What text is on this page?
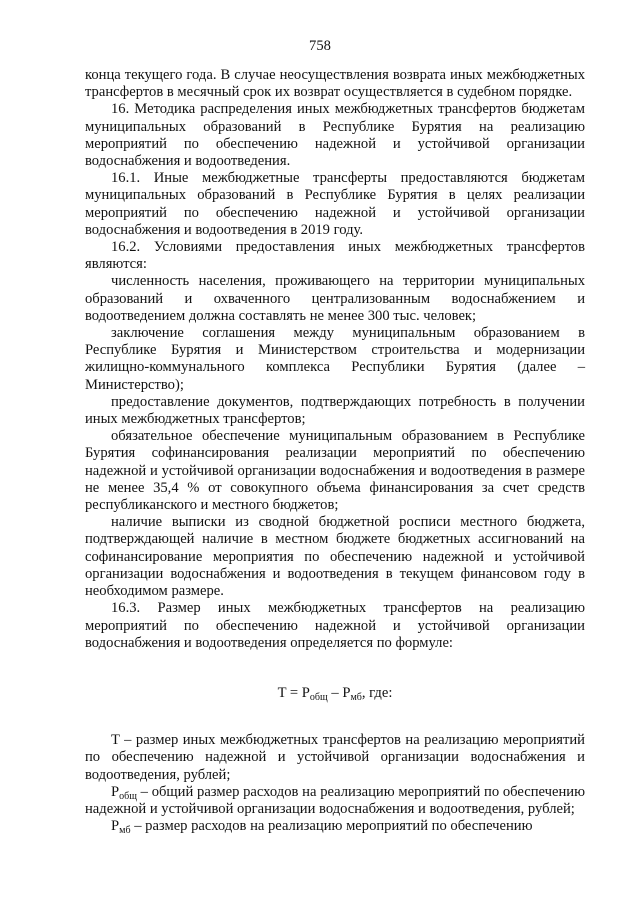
758

конца текущего года. В случае неосуществления возврата иных межбюджетных трансфертов в месячный срок их возврат осуществляется в судебном порядке.

16. Методика распределения иных межбюджетных трансфертов бюджетам муниципальных образований в Республике Бурятия на реализацию мероприятий по обеспечению надежной и устойчивой организации водоснабжения и водоотведения.

16.1. Иные межбюджетные трансферты предоставляются бюджетам муниципальных образований в Республике Бурятия в целях реализации мероприятий по обеспечению надежной и устойчивой организации водоснабжения и водоотведения в 2019 году.

16.2. Условиями предоставления иных межбюджетных трансфертов являются:

численность населения, проживающего на территории муниципальных образований и охваченного централизованным водоснабжением и водоотведением должна составлять не менее 300 тыс. человек;

заключение соглашения между муниципальным образованием в Республике Бурятия и Министерством строительства и модернизации жилищно-коммунального комплекса Республики Бурятия (далее – Министерство);

предоставление документов, подтверждающих потребность в получении иных межбюджетных трансфертов;

обязательное обеспечение муниципальным образованием в Республике Бурятия софинансирования реализации мероприятий по обеспечению надежной и устойчивой организации водоснабжения и водоотведения в размере не менее 35,4 % от совокупного объема финансирования за счет средств республиканского и местного бюджетов;

наличие выписки из сводной бюджетной росписи местного бюджета, подтверждающей наличие в местном бюджете бюджетных ассигнований на софинансирование мероприятия по обеспечению надежной и устойчивой организации водоснабжения и водоотведения в текущем финансовом году в необходимом размере.

16.3. Размер иных межбюджетных трансфертов на реализацию мероприятий по обеспечению надежной и устойчивой организации водоснабжения и водоотведения определяется по формуле:

$T = P_{общ} - P_{мб}$, где:

T – размер иных межбюджетных трансфертов на реализацию мероприятий по обеспечению надежной и устойчивой организации водоснабжения и водоотведения, рублей;

$P_{общ}$ – общий размер расходов на реализацию мероприятий по обеспечению надежной и устойчивой организации водоснабжения и водоотведения, рублей;

$P_{мб}$ – размер расходов на реализацию мероприятий по обеспечению
